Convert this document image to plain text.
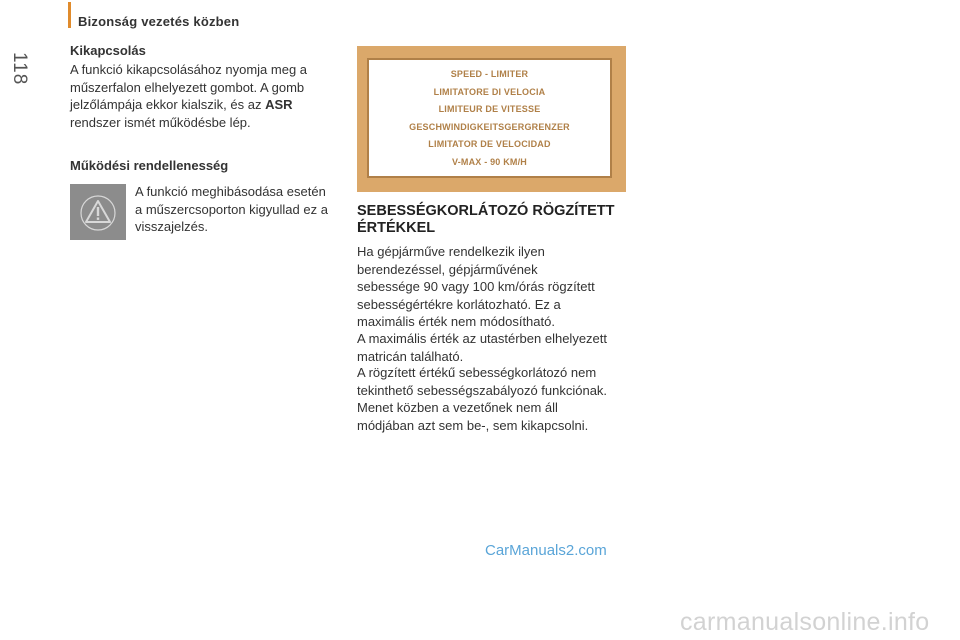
Bizonság vezetés közben
118
Kikapcsolás
A funkció kikapcsolásához nyomja meg a
műszerfalon elhelyezett gombot. A gomb
jelzőlámpája ekkor kialszik, és az ASR
rendszer ismét működésbe lép.
Működési rendellenesség
A funkció meghibásodása esetén
a műszercsoporton kigyullad ez a
visszajelzés.
SPEED - LIMITER
LIMITATORE DI VELOCIA
LIMITEUR DE VITESSE
GESCHWINDIGKEITSGERGRENZER
LIMITATOR DE VELOCIDAD
V-MAX - 90 KM/H
SEBESSÉGKORLÁTOZÓ RÖGZÍTETT
ÉRTÉKKEL
Ha gépjárműve rendelkezik ilyen
berendezéssel, gépjárművének
sebessége 90 vagy 100 km/órás rögzített
sebességértékre korlátozható. Ez a
maximális érték nem módosítható.
A maximális érték az utastérben elhelyezett
matricán található.
A rögzített értékű sebességkorlátozó nem
tekinthető sebességszabályozó funkciónak.
Menet közben a vezetőnek nem áll
módjában azt sem be-, sem kikapcsolni.
CarManuals2.com
carmanualsonline.info
